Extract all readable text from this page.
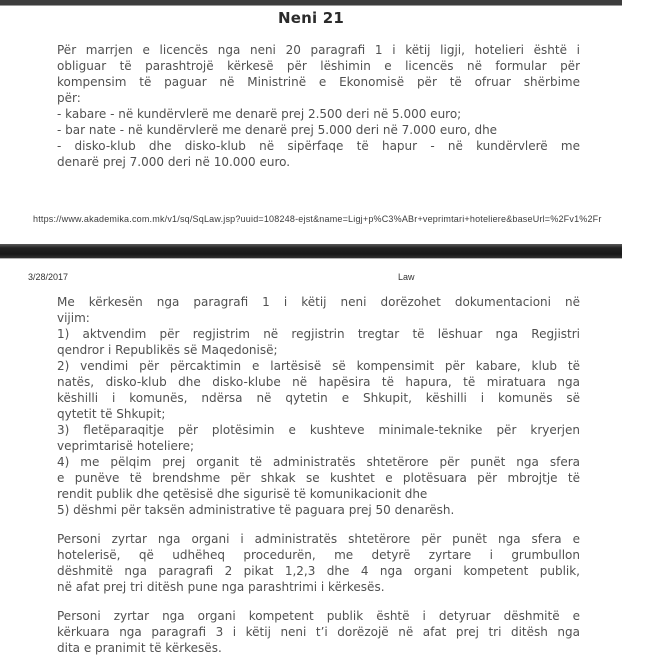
Neni 21
Për marrjen e licencës nga neni 20 paragrafi 1 i këtij ligji, hotelieri është i
obliguar të parashtrojë kërkesë për lëshimin e licencës në formular për
kompensim të paguar në Ministrinë e Ekonomisë për të ofruar shërbime
për:
- kabare - në kundërvlerë me denarë prej 2.500 deri në 5.000 euro;
- bar nate - në kundërvlerë me denarë prej 5.000 deri në 7.000 euro, dhe
- disko-klub dhe disko-klub në sipërfaqe të hapur - në kundërvlerë me
denarë prej 7.000 deri në 10.000 euro.
https://www.akademika.com.mk/v1/sq/SqLaw.jsp?uuid=108248-ejst&name=Ligj+p%C3%ABr+veprimtari+hoteliere&baseUrl=%2Fv1%2Fr
3/28/2017	Law
Me kërkesën nga paragrafi 1 i këtij neni dorëzohet dokumentacioni në
vijim:
1) aktvendim për regjistrim në regjistrin tregtar të lëshuar nga Regjistri
qendror i Republikës së Maqedonisë;
2) vendimi për përcaktimin e lartësisë së kompensimit për kabare, klub të
natës, disko-klub dhe disko-klube në hapësira të hapura, të miratuara nga
këshilli i komunës, ndërsa në qytetin e Shkupit, këshilli i komunës së
qytetit të Shkupit;
3) fletëparaqitje për plotësimin e kushteve minimale-teknike për kryerjen
veprimtarisë hoteliere;
4) me pëlqim prej organit të administratës shtetërore për punët nga sfera
e punëve të brendshme për shkak se kushtet e plotësuara për mbrojtje të
rendit publik dhe qetësisë dhe sigurisë të komunikacionit dhe
5) dëshmi për taksën administrative të paguara prej 50 denarësh.
Personi zyrtar nga organi i administratës shtetërore për punët nga sfera e
hotelerisë, që udhëheq procedurën, me detyrë zyrtare i grumbullon
dëshmitë nga paragrafi 2 pikat 1,2,3 dhe 4 nga organi kompetent publik,
në afat prej tri ditësh pune nga parashtrimi i kërkesës.
Personi zyrtar nga organi kompetent publik është i detyruar dëshmitë e
kërkuara nga paragrafi 3 i këtij neni t’i dorëzojë në afat prej tri ditësh nga
dita e pranimit të kërkesës.
